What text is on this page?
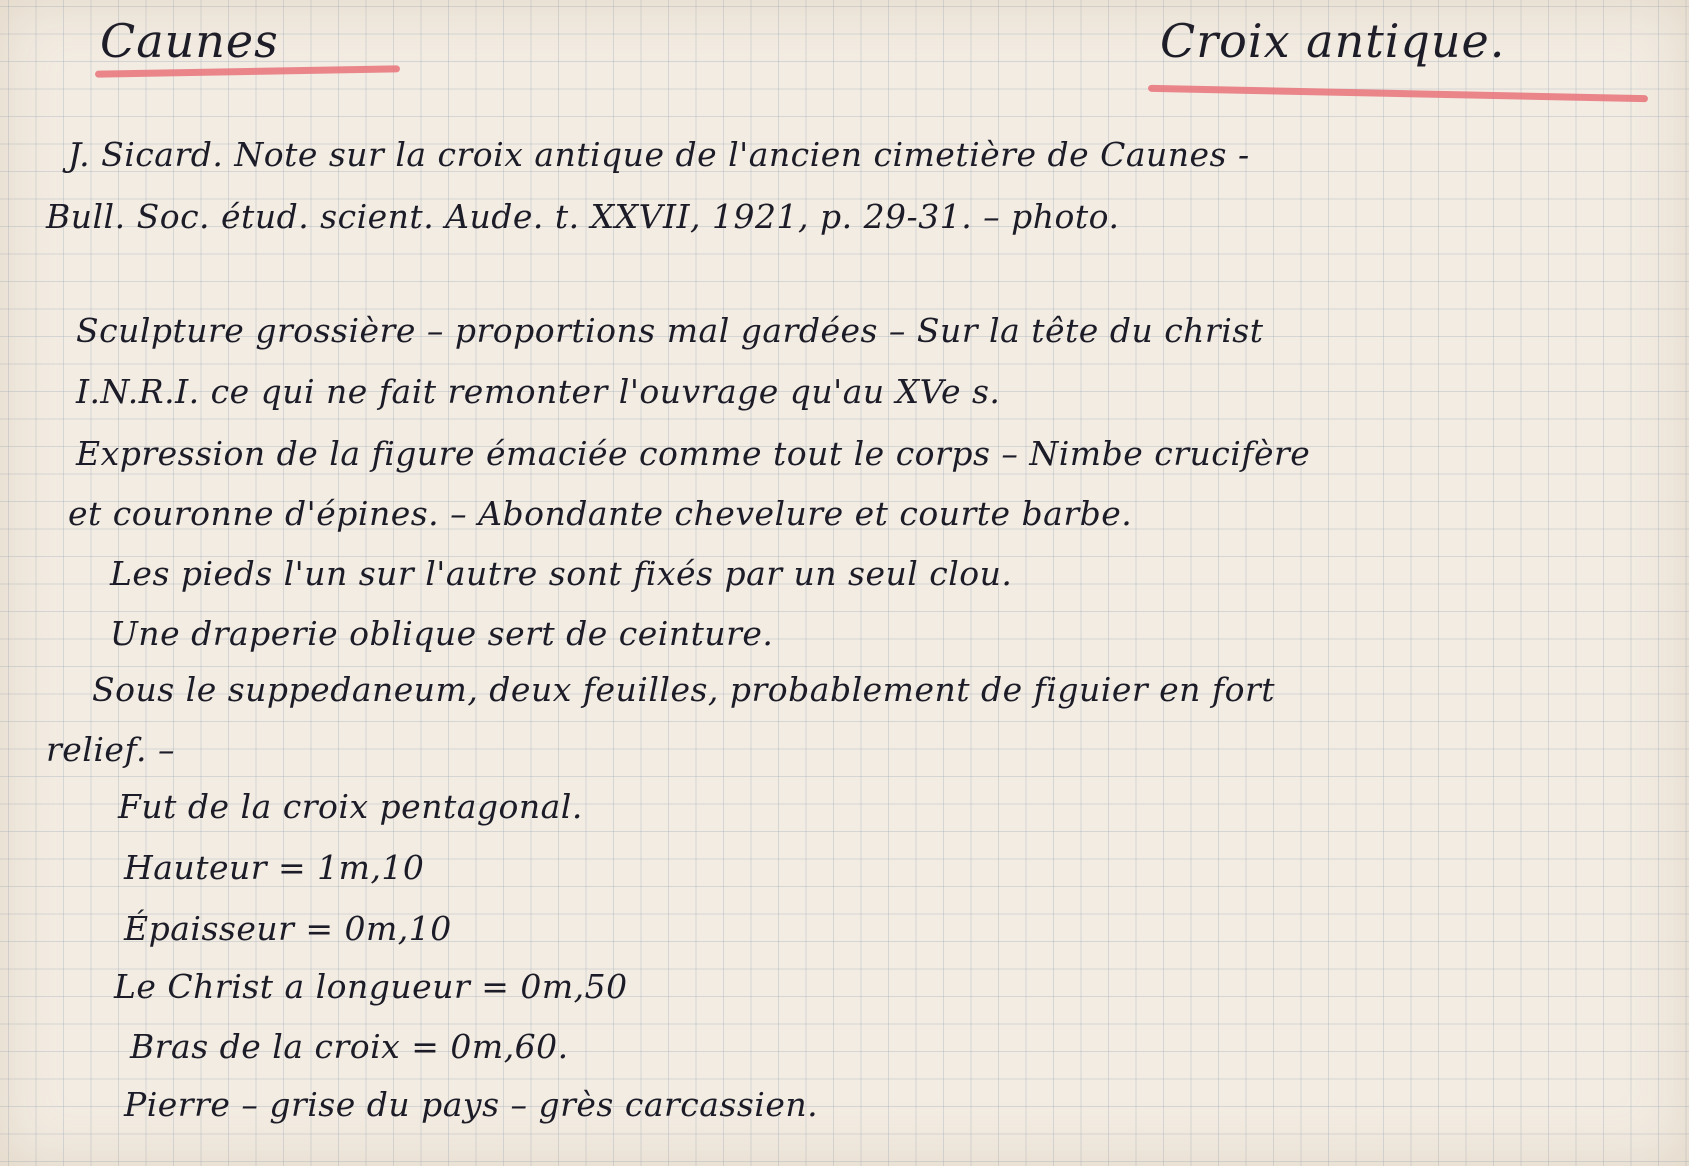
Caunes	Croix antique.
J. Sicard. Note sur la croix antique de l'ancien cimetière de Caunes -
Bull. Soc. étud. scient. Aude. t. XXVII, 1921, p. 29-31. – photo.
Sculpture grossière – proportions mal gardées – Sur la tête du christ
I.N.R.I. ce qui ne fait remonter l'ouvrage qu'au XVe s.
Expression de la figure émaciée comme tout le corps – Nimbe crucifère
et couronne d'épines. – Abondante chevelure et courte barbe.
Les pieds l'un sur l'autre sont fixés par un seul clou.
Une draperie oblique sert de ceinture.
Sous le suppedaneum, deux feuilles, probablement de figuier en fort
relief. –
Fut de la croix pentagonal.
Hauteur = 1m,10
Épaisseur = 0m,10
Le Christ a longueur = 0m,50
Bras de la croix = 0m,60.
Pierre – grise du pays – grès carcassien.
